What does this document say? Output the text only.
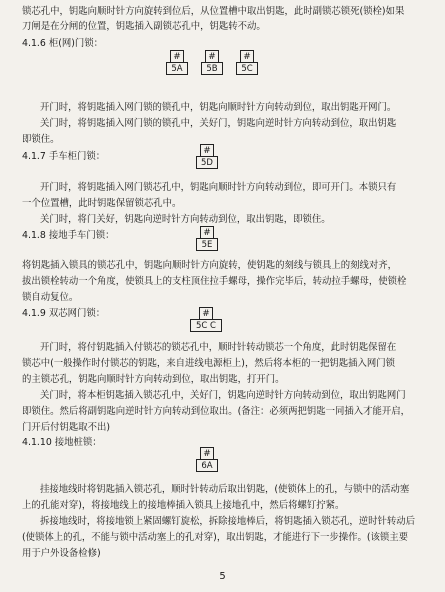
锁芯孔中，钥匙向顺时针方向旋转到位后，从位置槽中取出钥匙，此时副锁芯锁死(锁栓)如果
刀闸是在分闸的位置，钥匙插入副锁芯孔中，钥匙转不动。
4.1.6 柜(网)门锁：
#
5A
#
5B
#
5C
开门时，将钥匙插入网门锁的锁孔中，钥匙向顺时针方向转动到位，取出钥匙开网门。
关门时，将钥匙插入网门锁的锁孔中，关好门，钥匙向逆时针方向转动到位，取出钥匙
即锁住。
4.1.7 手车柜门锁：
#
5D
开门时，将钥匙插入网门锁芯孔中，钥匙向顺时针方向转动到位，即可开门。本锁只有
一个位置槽，此时钥匙保留锁芯孔中。
关门时，将门关好，钥匙向逆时针方向转动到位，取出钥匙，即锁住。
4.1.8 接地手车门锁：	#
5E
将钥匙插入锁具的锁芯孔中，钥匙向顺时针方向旋转，使钥匙的刻线与锁具上的刻线对齐，
拔出锁栓转动一个角度，使锁具上的支柱顶住拉手螺母，操作完毕后，转动拉手螺母，使锁栓
锁自动复位。
4.1.9 双芯网门锁：	#
5C C
开门时，将付钥匙插入付锁芯的锁芯孔中，顺时针转动锁芯一个角度，此时钥匙保留在
锁芯中(一般操作时付锁芯的钥匙，来自进线电源柜上)，然后将本柜的一把钥匙插入网门锁
的主锁芯孔，钥匙向顺时针方向转动到位，取出钥匙，打开门。
关门时，将本柜钥匙插入锁芯孔中，关好门，钥匙向逆时针方向转动到位，取出钥匙网门
即锁住。然后将副钥匙向逆时针方向转动到位取出。(备注：必须两把钥匙一同插入才能开启，
门开后付钥匙取不出)
4.1.10 接地桩锁：
#
6A
挂接地线时将钥匙插入锁芯孔，顺时针转动后取出钥匙，(使锁体上的孔，与锁中的活动塞
上的孔能对穿)，将接地线上的接地棒插入锁具上接地孔中，然后将螺钉拧紧。
拆接地线时，将接地锁上紧固螺钉旋松，拆除接地棒后，将钥匙插入锁芯孔，逆时针转动后
(使锁体上的孔，不能与锁中活动塞上的孔对穿)，取出钥匙，才能进行下一步操作。(该锁主要
用于户外设备检修)
5
